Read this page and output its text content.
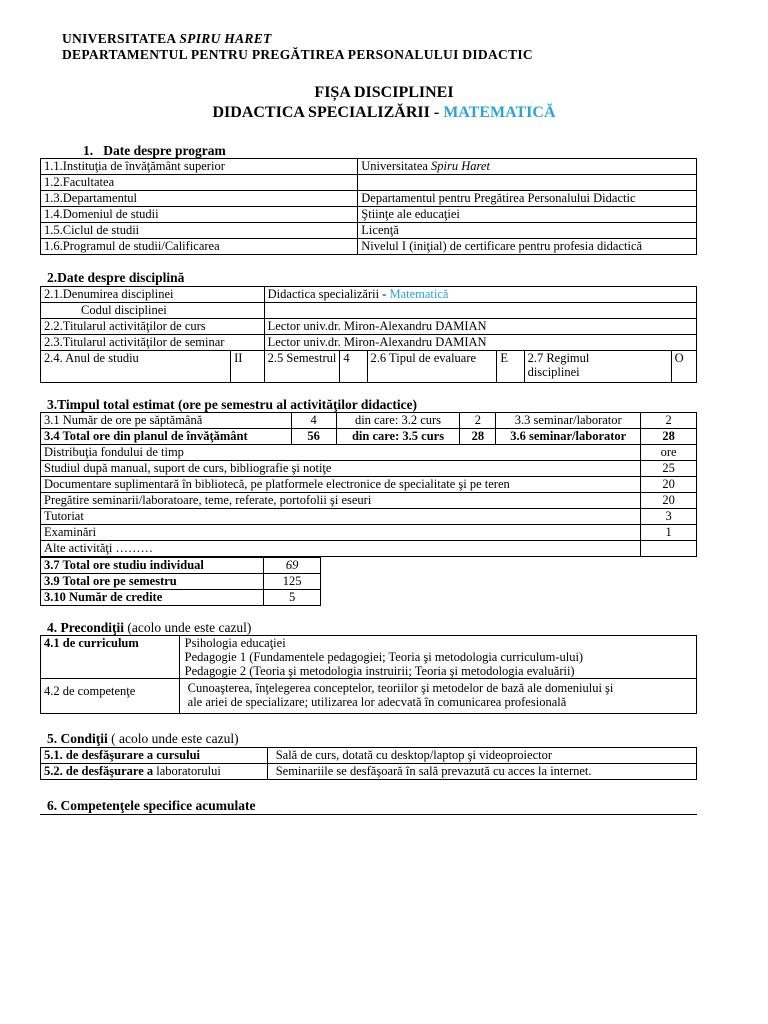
UNIVERSITATEA SPIRU HARET
DEPARTAMENTUL PENTRU PREGĂTIREA PERSONALULUI DIDACTIC
FIȘA DISCIPLINEI
DIDACTICA SPECIALIZĂRII - MATEMATICĂ
1. Date despre program
1.1.Instituţia de învăţământ superior	Universitatea Spiru Haret
1.2.Facultatea	
1.3.Departamentul	Departamentul pentru Pregătirea Personalului Didactic
1.4.Domeniul de studii	Ştiinţe ale educaţiei
1.5.Ciclul de studii	Licenţă
1.6.Programul de studii/Calificarea	Nivelul I (iniţial) de certificare pentru profesia didactică
2.Date despre disciplină
2.1.Denumirea disciplinei		Didactica specializării - Matematică					
Codul disciplinei							
2.2.Titularul activităţilor de curs		Lector univ.dr. Miron-Alexandru DAMIAN					
2.3.Titularul activităţilor de seminar		Lector univ.dr. Miron-Alexandru DAMIAN					
2.4. Anul de studiu	II	2.5 Semestrul	4	2.6 Tipul de evaluare	E	2.7 Regimul
disciplinei	O
3.Timpul total estimat (ore pe semestru al activităţilor didactice)
3.1 Număr de ore pe săptămână	4	din care: 3.2 curs	2	3.3 seminar/laborator	2
3.4 Total ore din planul de învăţământ	56	din care: 3.5 curs	28	3.6 seminar/laborator	28
Distribuţia fondului de timp					ore
Studiul după manual, suport de curs, bibliografie şi notiţe					25
Documentare suplimentară în bibliotecă, pe platformele electronice de specialitate şi pe teren					20
Pregătire seminarii/laboratoare, teme, referate, portofolii şi eseuri					20
Tutoriat					3
Examinări					1
Alte activităţi ………					
3.7 Total ore studiu individual	69
3.9 Total ore pe semestru	125
3.10 Număr de credite	5
4. Precondiţii (acolo unde este cazul)
4.1 de curriculum	Psihologia educaţiei
Pedagogie 1 (Fundamentele pedagogiei; Teoria şi metodologia curriculum-ului)
Pedagogie 2 (Teoria şi metodologia instruirii; Teoria şi metodologia evaluării)

4.2 de competenţe	Cunoaşterea, înţelegerea conceptelor, teoriilor şi metodelor de bază ale domeniului şi
ale ariei de specializare; utilizarea lor adecvată în comunicarea profesională
5. Condiţii ( acolo unde este cazul)
5.1. de desfăşurare a cursului	Sală de curs, dotată cu desktop/laptop şi videoproiector
5.2. de desfăşurare a laboratorului	Seminariile se desfăşoară în sală prevazută cu acces la internet.
6. Competenţele specifice acumulate
